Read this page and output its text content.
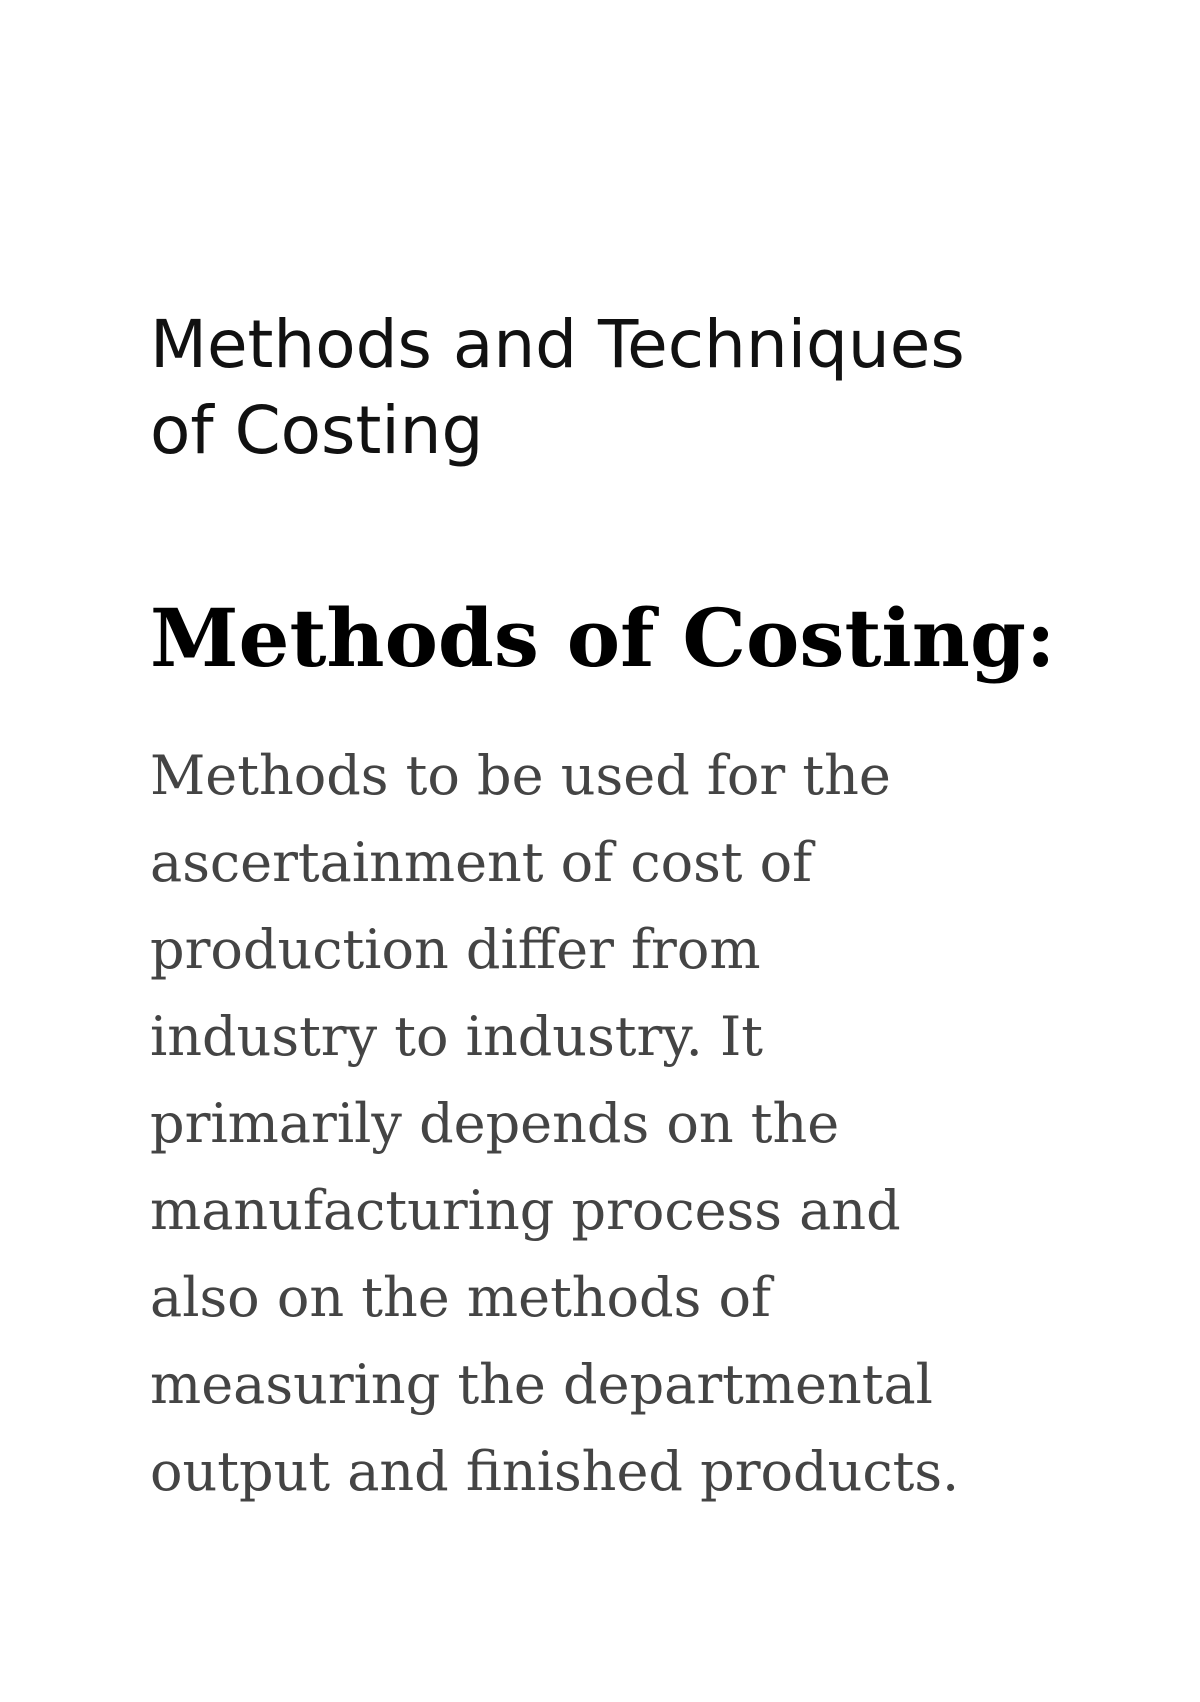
Methods and Techniques
of Costing
Methods of Costing:

Methods to be used for the
ascertainment of cost of
production differ from
industry to industry. It
primarily depends on the
manufacturing process and
also on the methods of
measuring the departmental
output and finished products.
